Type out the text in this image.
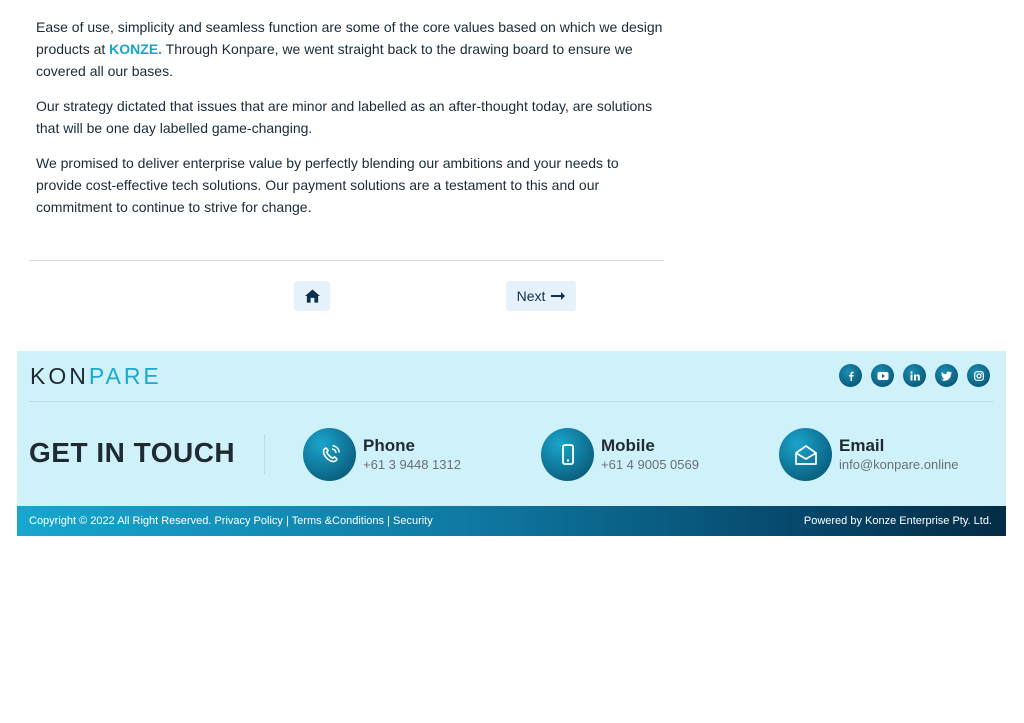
Ease of use, simplicity and seamless function are some of the core values based on which we design products at KONZE. Through Konpare, we went straight back to the drawing board to ensure we covered all our bases.

Our strategy dictated that issues that are minor and labelled as an after-thought today, are solutions that will be one day labelled game-changing.

We promised to deliver enterprise value by perfectly blending our ambitions and your needs to provide cost-effective tech solutions. Our payment solutions are a testament to this and our commitment to continue to strive for change.

Next
KON PARE
GET IN TOUCH	Phone
+61 3 9448 1312
Mobile
+61 4 9005 0569
Email
info@konpare.online
Copyright © 2022 All Right Reserved. Privacy Policy | Terms &Conditions | Security	Powered by Konze Enterprise Pty. Ltd.
